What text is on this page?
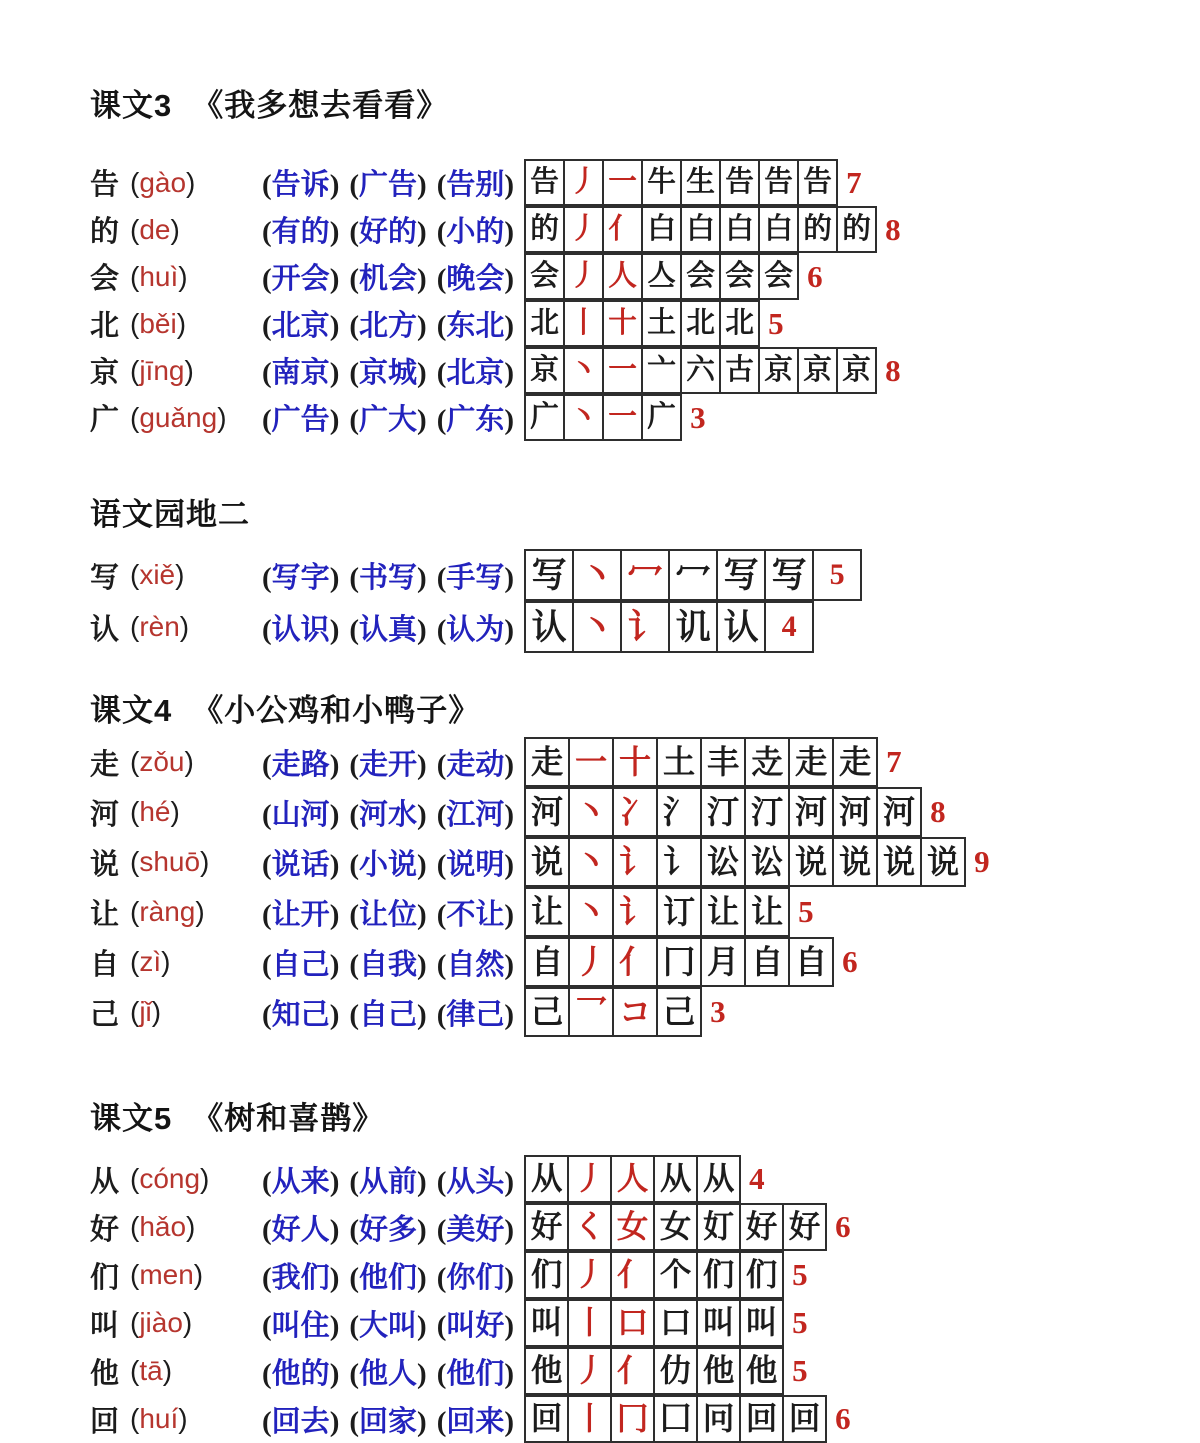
课文3 《我多想去看看》
告 (gào)	(告诉) (广告) (告别) 告 丿 一 牛 生 告 告 告 7
的 (de)	(有的) (好的) (小的) 的 丿 亻 白 白 白 白 的 的 8
会 (huì)	(开会) (机会) (晚会) 会 丿 人 亼 会 会 会 6
北 (běi)	(北京) (北方) (东北) 北 丨 十 土 北 北 5
京 (jīng)	(南京) (京城) (北京) 京 丶 一 亠 六 古 京 京 京 8
广 (guǎng)	(广告) (广大) (广东) 广 丶 一 广 3
语文园地二
写 (xiě)	(写字) (书写) (手写) 写 丶 冖 冖 写 写 5
认 (rèn)	(认识) (认真) (认为) 认 丶 讠 讥 认 4
课文4 《小公鸡和小鸭子》
走 (zǒu)	(走路) (走开) (走动) 走 一 十 土 丰 赱 走 走 7
河 (hé)	(山河) (河水) (江河) 河 丶 冫 氵 汀 汀 河 河 河 8
说 (shuō)	(说话) (小说) (说明) 说 丶 讠 讠 讼 讼 说 说 说 说 9
让 (ràng)	(让开) (让位) (不让) 让 丶 讠 订 让 让 5
自 (zì)	(自己) (自我) (自然) 自 丿 亻 冂 月 自 自 6
己 (jǐ)	(知己) (自己) (律己) 己 乛 コ 己 3
课文5 《树和喜鹊》
从 (cóng)	(从来) (从前) (从头) 从 丿 人 从 从 4
好 (hǎo)	(好人) (好多) (美好) 好 く 女 女 奵 好 好 6
们 (men)	(我们) (他们) (你们) 们 丿 亻 个 们 们 5
叫 (jiào)	(叫住) (大叫) (叫好) 叫 丨 口 口 叫 叫 5
他 (tā)	(他的) (他人) (他们) 他 丿 亻 仂 他 他 5
回 (huí)	(回去) (回家) (回来) 回 丨 冂 囗 冋 回 回 6
